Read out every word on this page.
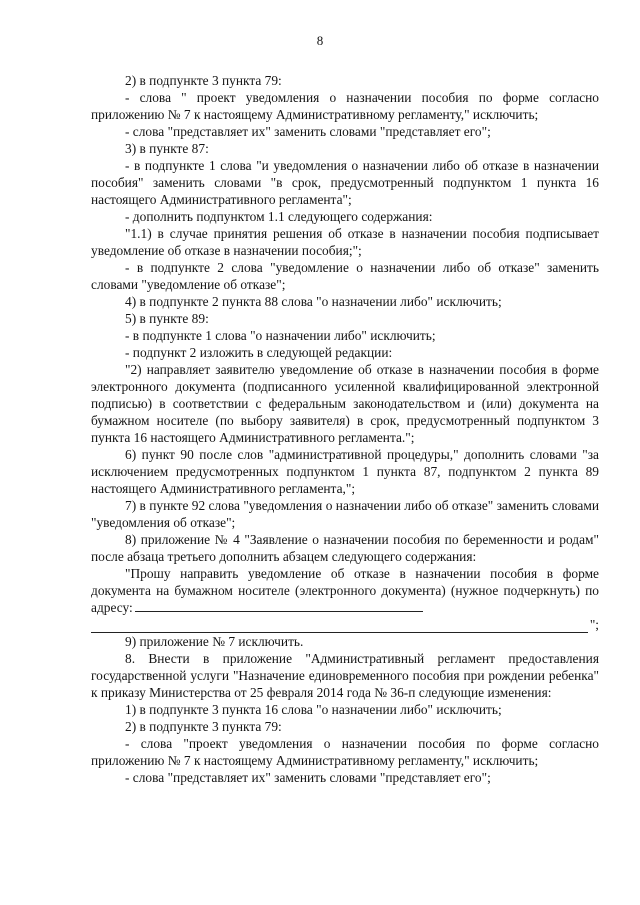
8

2) в подпункте 3 пункта 79:

- слова " проект уведомления о назначении пособия по форме согласно приложению № 7 к настоящему Административному регламенту," исключить;

- слова "представляет их" заменить словами "представляет его";

3) в пункте 87:

- в подпункте 1 слова "и уведомления о назначении либо об отказе в назначении пособия" заменить словами "в срок, предусмотренный подпунктом 1 пункта 16 настоящего Административного регламента";

- дополнить подпунктом 1.1 следующего содержания:

"1.1) в случае принятия решения об отказе в назначении пособия подписывает уведомление об отказе в назначении пособия;";

- в подпункте 2 слова "уведомление о назначении либо об отказе" заменить словами "уведомление об отказе";

4) в подпункте 2 пункта 88 слова "о назначении либо" исключить;

5) в пункте 89:

- в подпункте 1 слова "о назначении либо" исключить;

- подпункт 2 изложить в следующей редакции:

"2) направляет заявителю уведомление об отказе в назначении пособия в форме электронного документа (подписанного усиленной квалифицированной электронной подписью) в соответствии с федеральным законодательством и (или) документа на бумажном носителе (по выбору заявителя) в срок, предусмотренный подпунктом 3 пункта 16 настоящего Административного регламента.";

6) пункт 90 после слов "административной процедуры," дополнить словами "за исключением предусмотренных подпунктом 1 пункта 87, подпунктом 2 пункта 89 настоящего Административного регламента,";

7) в пункте 92 слова "уведомления о назначении либо об отказе" заменить словами "уведомления об отказе";

8) приложение № 4 "Заявление о назначении пособия по беременности и родам" после абзаца третьего дополнить абзацем следующего содержания:

"Прошу направить уведомление об отказе в назначении пособия в форме документа на бумажном носителе (электронного документа) (нужное подчеркнуть) по адресу:

";

9) приложение № 7 исключить.

8. Внести в приложение "Административный регламент предоставления государственной услуги "Назначение единовременного пособия при рождении ребенка" к приказу Министерства от 25 февраля 2014 года № 36-п следующие изменения:

1) в подпункте 3 пункта 16 слова "о назначении либо" исключить;

2) в подпункте 3 пункта 79:

- слова "проект уведомления о назначении пособия по форме согласно приложению № 7 к настоящему Административному регламенту," исключить;

- слова "представляет их" заменить словами "представляет его";
